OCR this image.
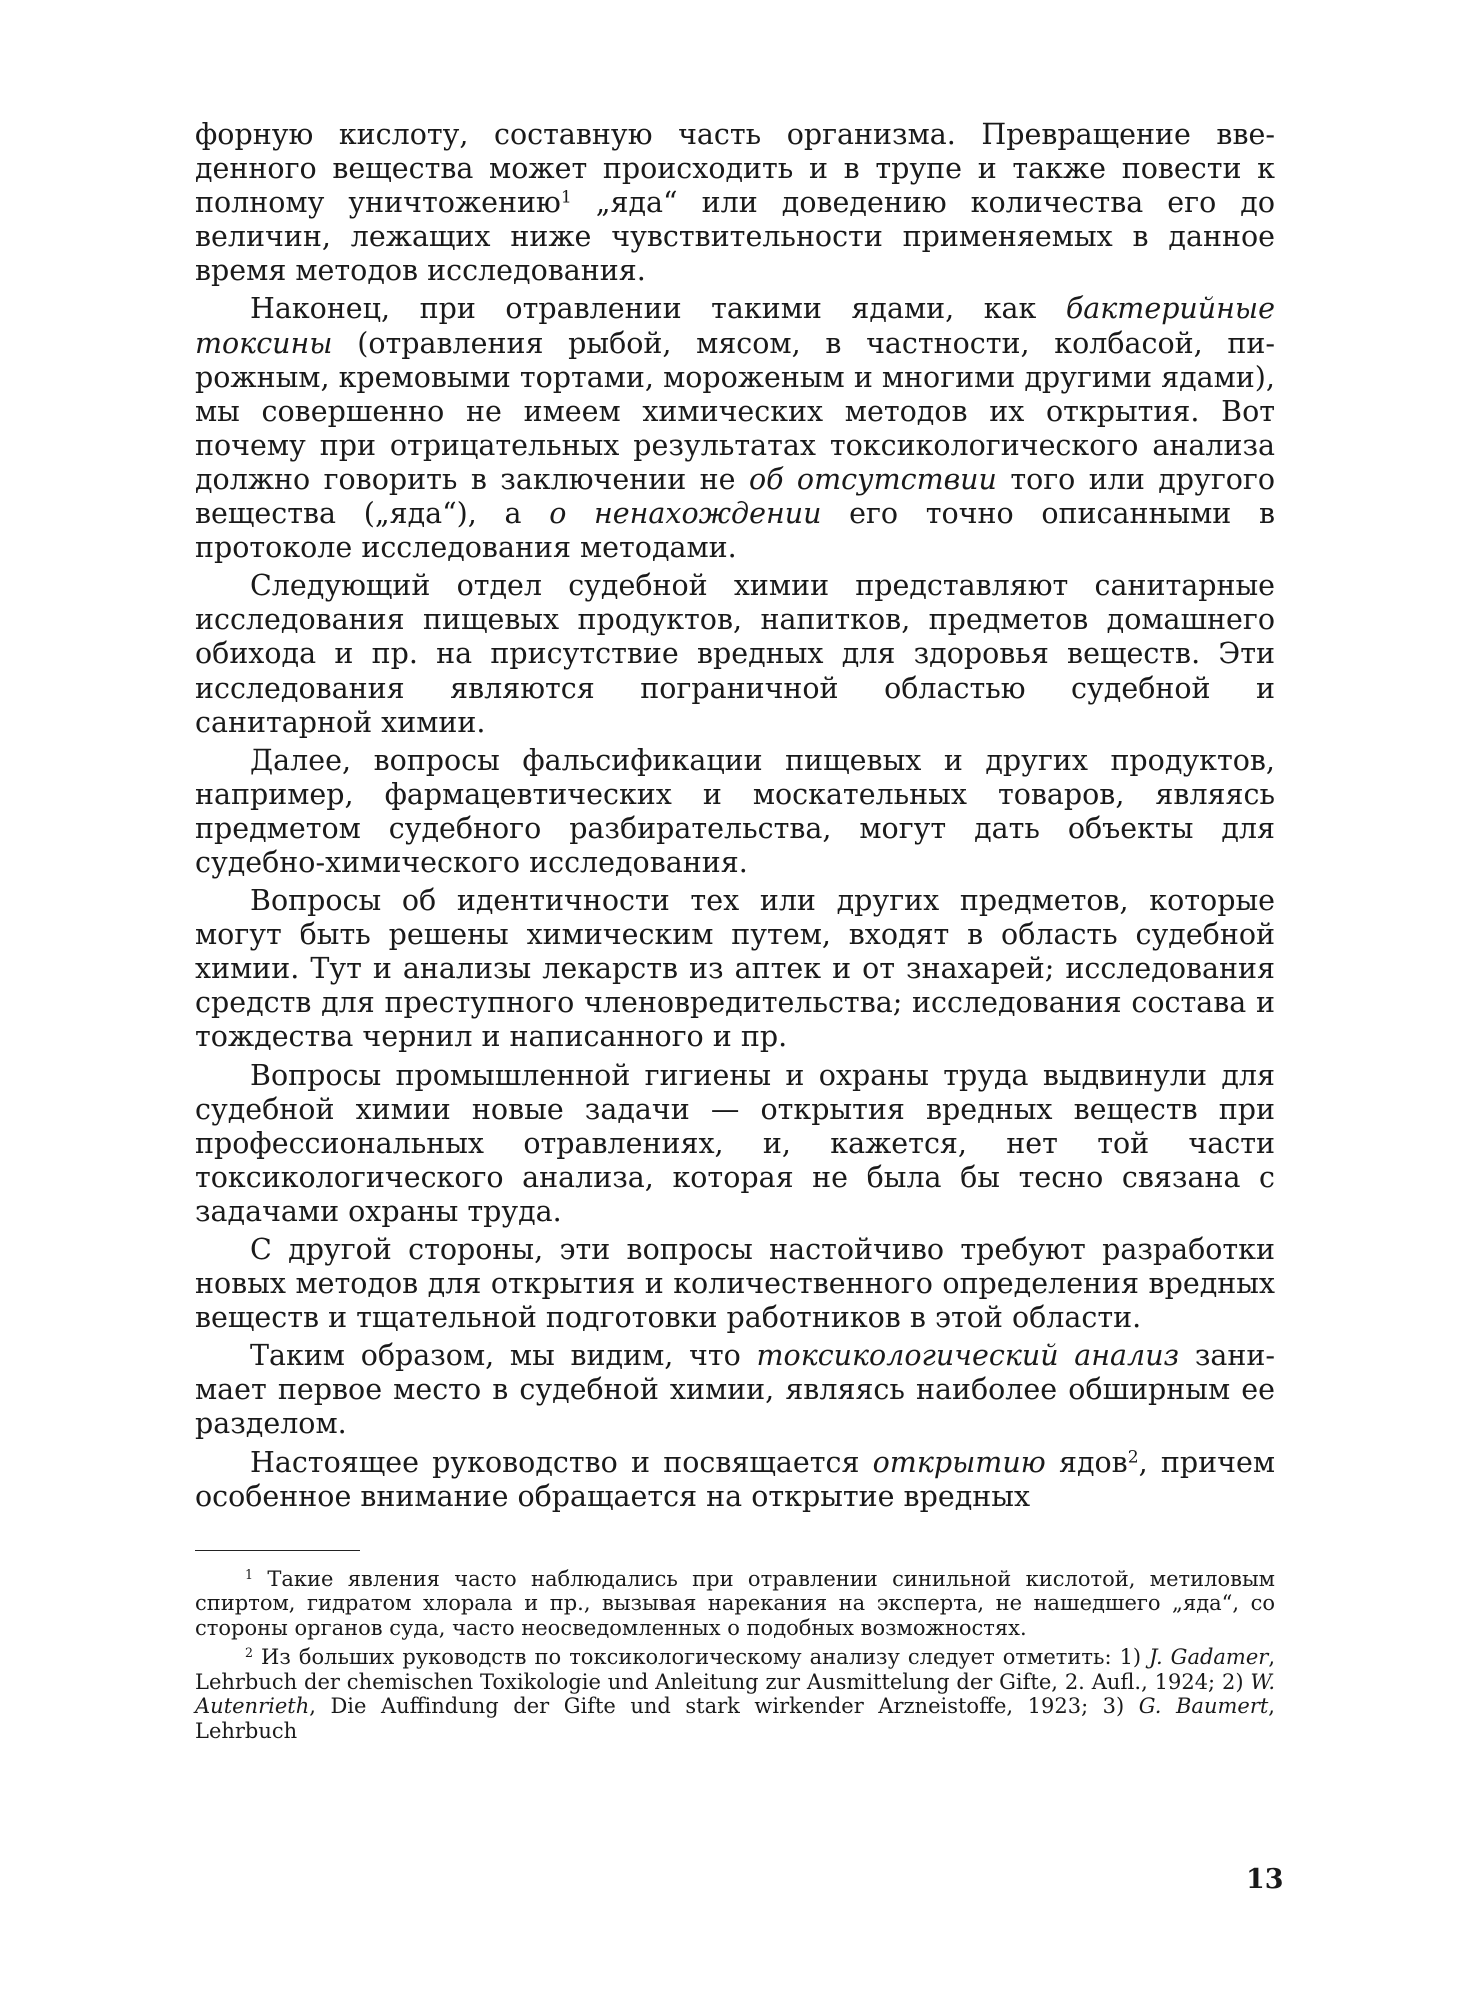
форную кислоту, составную часть организма. Превращение введенного вещества может происходить и в трупе и также повести к полному уничтожению$^1$ „яда“ или доведению количества его до величин, лежащих ниже чувствительности применяемых в данное время методов исследования.

Наконец, при отравлении такими ядами, как бактерийные токсины (отравления рыбой, мясом, в частности, колбасой, пирожным, кремовыми тортами, мороженым и многими другими ядами), мы совершенно не имеем химических методов их открытия. Вот почему при отрицательных результатах токсикологического анализа должно говорить в заключении не об отсутствии того или другого вещества („яда“), а о ненахождении его точно описанными в протоколе исследования методами.

Следующий отдел судебной химии представляют санитарные исследования пищевых продуктов, напитков, предметов домашнего обихода и пр. на присутствие вредных для здоровья веществ. Эти исследования являются пограничной областью судебной и санитарной химии.

Далее, вопросы фальсификации пищевых и других продуктов, например, фармацевтических и москательных товаров, являясь предметом судебного разбирательства, могут дать объекты для судебно-химического исследования.

Вопросы об идентичности тех или других предметов, которые могут быть решены химическим путем, входят в область судебной химии. Тут и анализы лекарств из аптек и от знахарей; исследования средств для преступного членовредительства; исследования состава и тождества чернил и написанного и пр.

Вопросы промышленной гигиены и охраны труда выдвинули для судебной химии новые задачи — открытия вредных веществ при профессиональных отравлениях, и, кажется, нет той части токсикологического анализа, которая не была бы тесно связана с задачами охраны труда.

С другой стороны, эти вопросы настойчиво требуют разработки новых методов для открытия и количественного определения вредных веществ и тщательной подготовки работников в этой области.

Таким образом, мы видим, что токсикологический анализ занимает первое место в судебной химии, являясь наиболее обширным ее разделом.

Настоящее руководство и посвящается открытию ядов$^2$, причем особенное внимание обращается на открытие вредных

$^1$ Такие явления часто наблюдались при отравлении синильной кислотой, метиловым спиртом, гидратом хлорала и пр., вызывая нарекания на эксперта, не нашедшего „яда“, со стороны органов суда, часто неосведомленных о подобных возможностях.

$^2$ Из больших руководств по токсикологическому анализу следует отметить: 1) J. Gadamer, Lehrbuch der chemischen Toxikologie und Anleitung zur Ausmittelung der Gifte, 2. Aufl., 1924; 2) W. Autenrieth, Die Auffindung der Gifte und stark wirkender Arzneistoffe, 1923; 3) G. Baumert, Lehrbuch

13
